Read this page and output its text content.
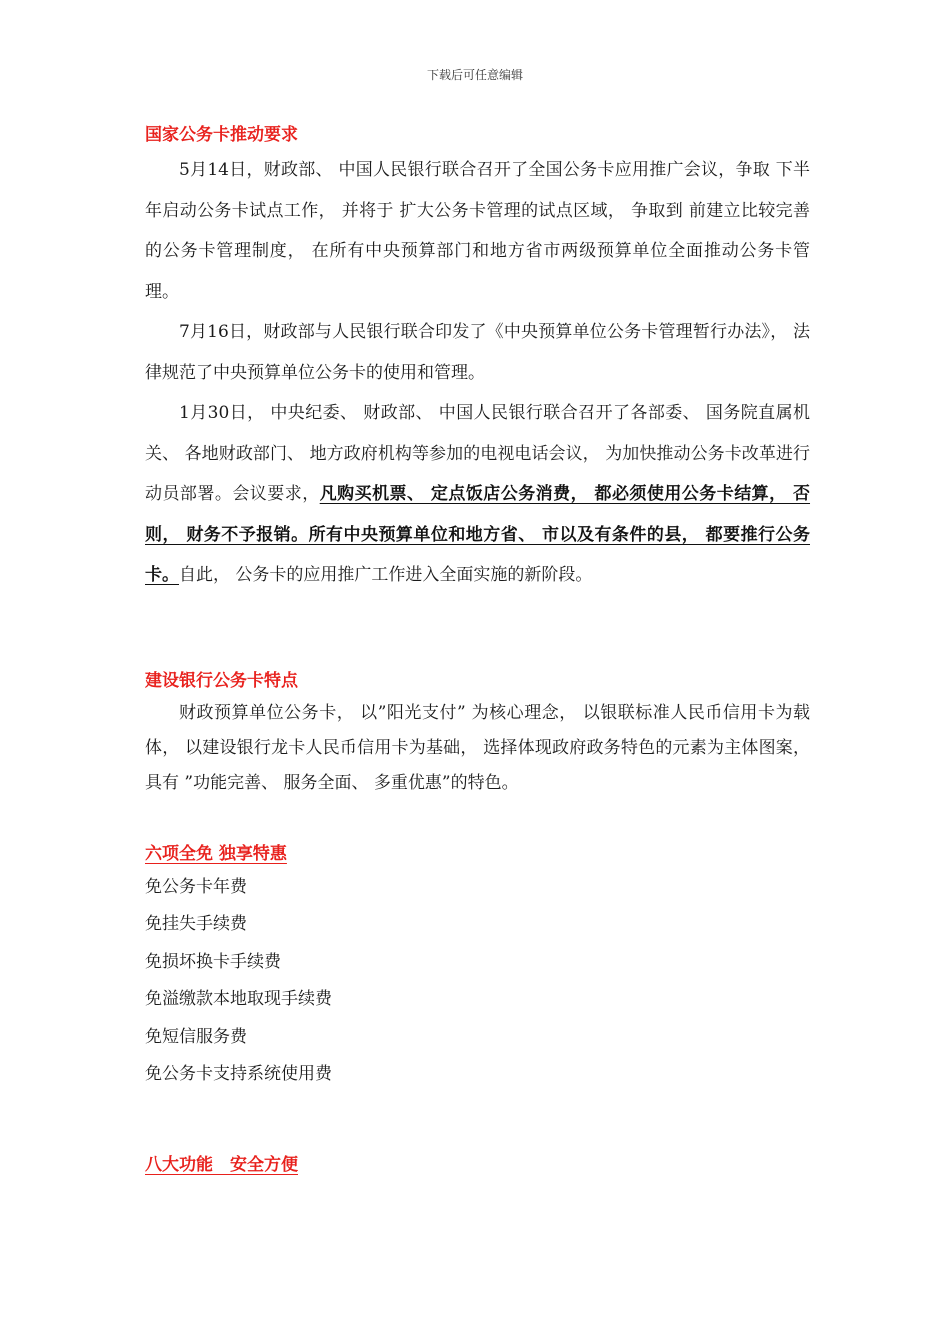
下载后可任意编辑
国家公务卡推动要求

5月14日，财政部、 中国人民银行联合召开了全国公务卡应用推广会议，争取 下半年启动公务卡试点工作， 并将于 扩大公务卡管理的试点区域， 争取到 前建立比较完善的公务卡管理制度， 在所有中央预算部门和地方省市两级预算单位全面推动公务卡管理。

7月16日，财政部与人民银行联合印发了《中央预算单位公务卡管理暂行办法》， 法律规范了中央预算单位公务卡的使用和管理。

1月30日， 中央纪委、 财政部、 中国人民银行联合召开了各部委、 国务院直属机关、 各地财政部门、 地方政府机构等参加的电视电话会议， 为加快推动公务卡改革进行动员部署。会议要求，凡购买机票、 定点饭店公务消费， 都必须使用公务卡结算， 否则， 财务不予报销。所有中央预算单位和地方省、 市以及有条件的县， 都要推行公务卡。自此， 公务卡的应用推广工作进入全面实施的新阶段。

建设银行公务卡特点

财政预算单位公务卡， 以”阳光支付” 为核心理念， 以银联标准人民币信用卡为载体， 以建设银行龙卡人民币信用卡为基础， 选择体现政府政务特色的元素为主体图案，具有 ”功能完善、 服务全面、 多重优惠”的特色。

六项全免 独享特惠

免公务卡年费

免挂失手续费

免损坏换卡手续费

免溢缴款本地取现手续费

免短信服务费

免公务卡支持系统使用费

八大功能　安全方便
